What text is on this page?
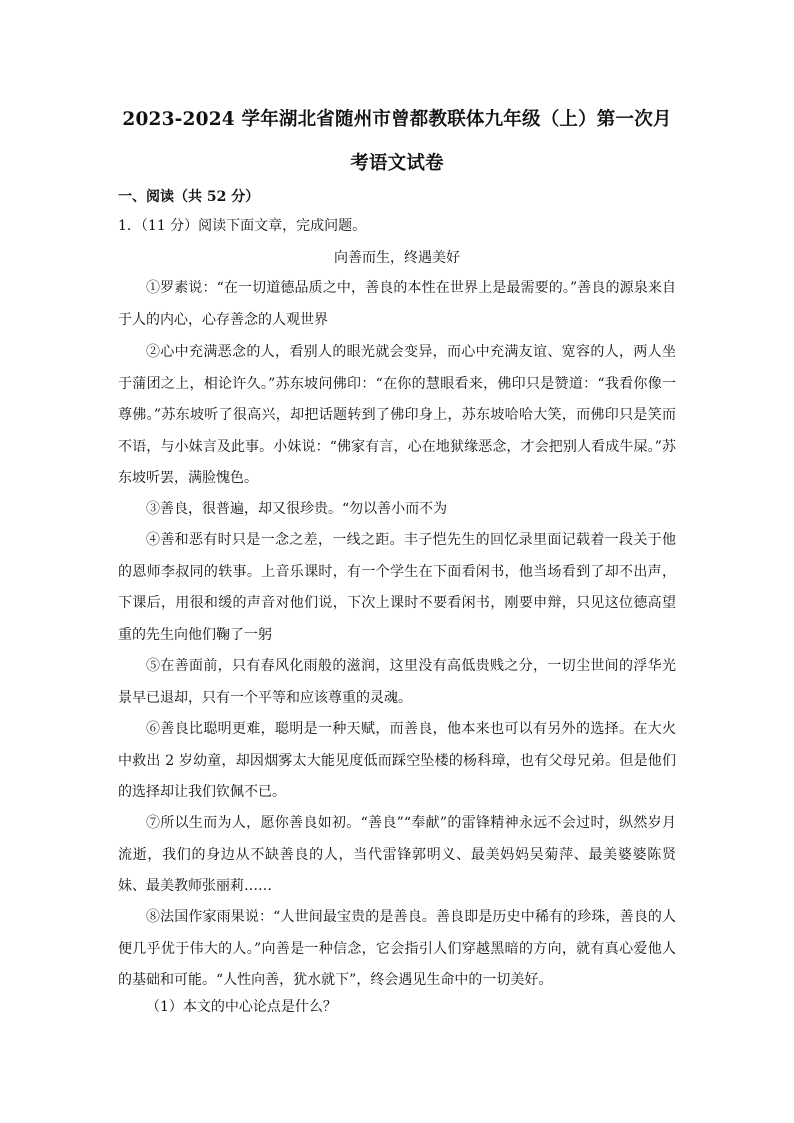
2023-2024 学年湖北省随州市曾都教联体九年级（上）第一次月
考语文试卷
一、阅读（共 52 分）
1．（11 分）阅读下面文章，完成问题。
向善而生，终遇美好

①罗素说：“在一切道德品质之中，善良的本性在世界上是最需要的。”善良的源泉来自于人的内心，心存善念的人观世界

②心中充满恶念的人，看别人的眼光就会变异，而心中充满友谊、宽容的人，两人坐于蒲团之上，相论许久。”苏东坡问佛印：“在你的慧眼看来，佛印只是赞道：“我看你像一尊佛。”苏东坡听了很高兴，却把话题转到了佛印身上，苏东坡哈哈大笑，而佛印只是笑而不语，与小妹言及此事。小妹说：“佛家有言，心在地狱缘恶念，才会把别人看成牛屎。”苏东坡听罢，满脸愧色。

③善良，很普遍，却又很珍贵。“勿以善小而不为

④善和恶有时只是一念之差，一线之距。丰子恺先生的回忆录里面记载着一段关于他的恩师李叔同的轶事。上音乐课时，有一个学生在下面看闲书，他当场看到了却不出声，下课后，用很和缓的声音对他们说，下次上课时不要看闲书，刚要申辩，只见这位德高望重的先生向他们鞠了一躬

⑤在善面前，只有春风化雨般的滋润，这里没有高低贵贱之分，一切尘世间的浮华光景早已退却，只有一个平等和应该尊重的灵魂。

⑥善良比聪明更难，聪明是一种天赋，而善良，他本来也可以有另外的选择。在大火中救出 2 岁幼童，却因烟雾太大能见度低而踩空坠楼的杨科璋，也有父母兄弟。但是他们的选择却让我们钦佩不已。

⑦所以生而为人，愿你善良如初。“善良”“奉献”的雷锋精神永远不会过时，纵然岁月流逝，我们的身边从不缺善良的人，当代雷锋郭明义、最美妈妈吴菊萍、最美婆婆陈贤妹、最美教师张丽莉……

⑧法国作家雨果说：“人世间最宝贵的是善良。善良即是历史中稀有的珍珠，善良的人便几乎优于伟大的人。”向善是一种信念，它会指引人们穿越黑暗的方向，就有真心爱他人的基础和可能。“人性向善，犹水就下”，终会遇见生命中的一切美好。

（1）本文的中心论点是什么？
